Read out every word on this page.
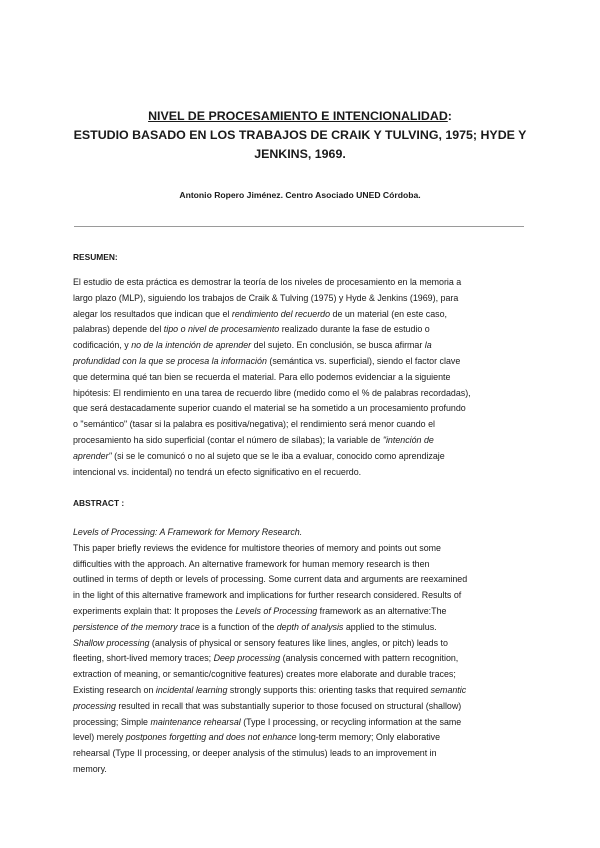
NIVEL DE PROCESAMIENTO E INTENCIONALIDAD:
ESTUDIO BASADO EN LOS TRABAJOS DE CRAIK Y TULVING, 1975; HYDE Y
JENKINS, 1969.
Antonio Ropero Jiménez. Centro Asociado UNED Córdoba.
RESUMEN:
El estudio de esta práctica es demostrar la teoría de los niveles de procesamiento en la memoria a
largo plazo (MLP), siguiendo los trabajos de Craik & Tulving (1975) y Hyde & Jenkins (1969), para
alegar los resultados que indican que el rendimiento del recuerdo de un material (en este caso,
palabras) depende del tipo o nivel de procesamiento realizado durante la fase de estudio o
codificación, y no de la intención de aprender del sujeto. En conclusión, se busca afirmar la
profundidad con la que se procesa la información (semántica vs. superficial), siendo el factor clave
que determina qué tan bien se recuerda el material. Para ello podemos evidenciar a la siguiente
hipótesis: El rendimiento en una tarea de recuerdo libre (medido como el % de palabras recordadas),
que será destacadamente superior cuando el material se ha sometido a un procesamiento profundo
o "semántico" (tasar si la palabra es positiva/negativa); el rendimiento será menor cuando el
procesamiento ha sido superficial (contar el número de sílabas); la variable de "intención de
aprender" (si se le comunicó o no al sujeto que se le iba a evaluar, conocido como aprendizaje
intencional vs. incidental) no tendrá un efecto significativo en el recuerdo.
ABSTRACT :
Levels of Processing: A Framework for Memory Research.
This paper briefly reviews the evidence for multistore theories of memory and points out some
difficulties with the approach. An alternative framework for human memory research is then
outlined in terms of depth or levels of processing. Some current data and arguments are reexamined
in the light of this alternative framework and implications for further research considered. Results of
experiments explain that: It proposes the Levels of Processing framework as an alternative:The
persistence of the memory trace is a function of the depth of analysis applied to the stimulus.
Shallow processing (analysis of physical or sensory features like lines, angles, or pitch) leads to
fleeting, short-lived memory traces; Deep processing (analysis concerned with pattern recognition,
extraction of meaning, or semantic/cognitive features) creates more elaborate and durable traces;
Existing research on incidental learning strongly supports this: orienting tasks that required semantic
processing resulted in recall that was substantially superior to those focused on structural (shallow)
processing; Simple maintenance rehearsal (Type I processing, or recycling information at the same
level) merely postpones forgetting and does not enhance long-term memory; Only elaborative
rehearsal (Type II processing, or deeper analysis of the stimulus) leads to an improvement in
memory.
